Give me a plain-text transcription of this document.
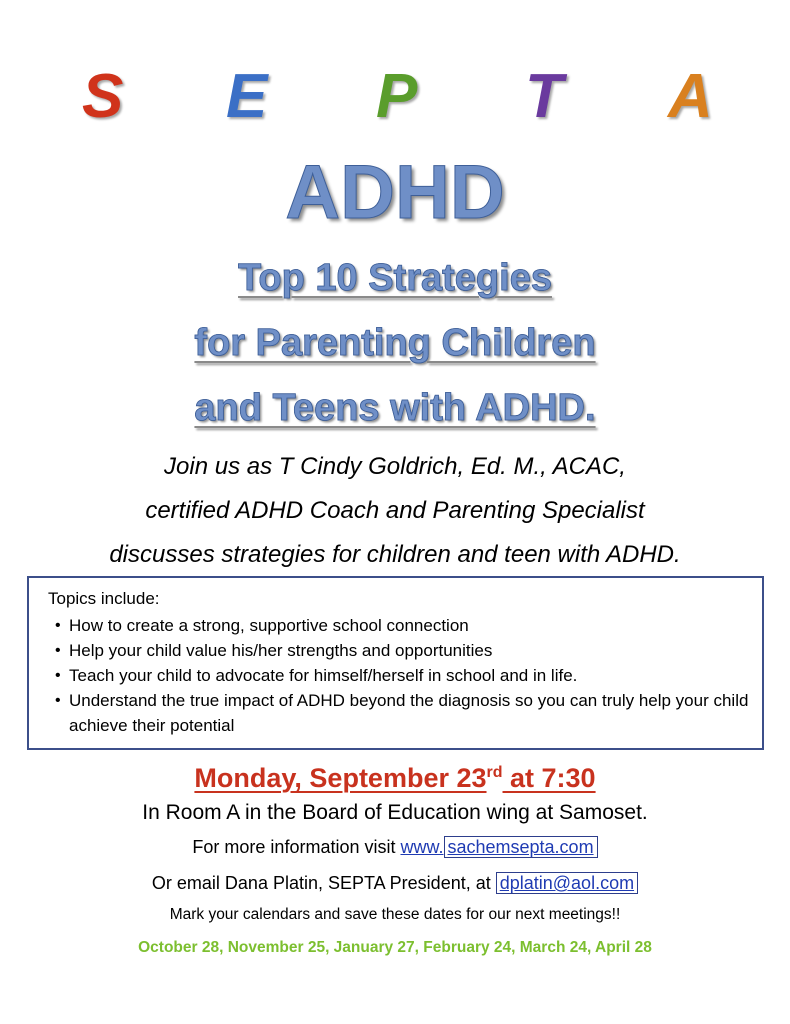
S E P T A
ADHD
Top 10 Strategies
for Parenting Children
and Teens with ADHD.
Join us as T Cindy Goldrich, Ed. M., ACAC,
certified ADHD Coach and Parenting Specialist
discusses strategies for children and teen with ADHD.
Topics include:
• How to create a strong, supportive school connection
• Help your child value his/her strengths and opportunities
• Teach your child to advocate for himself/herself in school and in life.
• Understand the true impact of ADHD beyond the diagnosis so you can truly help your child achieve their potential
Monday, September 23rd at 7:30
In Room A in the Board of Education wing at Samoset.
For more information visit www. sachemsepta.com
Or email Dana Platin, SEPTA President, at dplatin@aol.com
Mark your calendars and save these dates for our next meetings!!
October 28, November 25, January 27, February 24, March 24, April 28
